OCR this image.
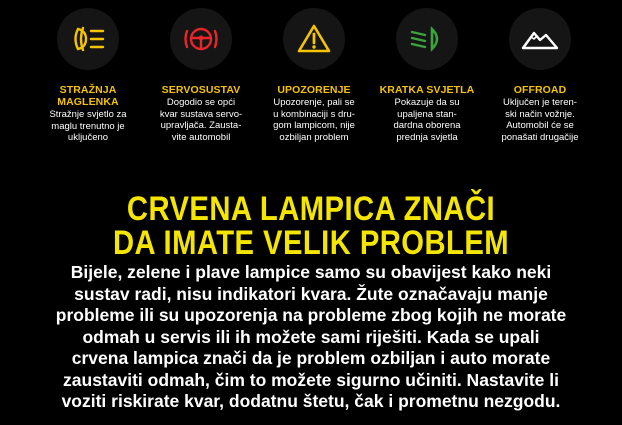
STRAŽNJA
MAGLENKA
Stražnje svjetlo za
maglu trenutno je
uključeno
SERVOSUSTAV
Dogodio se opći
kvar sustava servo-
upravljača. Zausta-
vite automobil
UPOZORENJE
Upozorenje, pali se
u kombinaciji s dru-
gom lampicom, nije
ozbiljan problem
KRATKA SVJETLA
Pokazuje da su
upaljena stan-
dardna oborena
prednja svjetla
OFFROAD
Uključen je teren-
ski način vožnje.
Automobil će se
ponašati drugačije
CRVENA LAMPICA ZNAČI
DA IMATE VELIK PROBLEM
Bijele, zelene i plave lampice samo su obavijest kako neki
sustav radi, nisu indikatori kvara. Žute označavaju manje
probleme ili su upozorenja na probleme zbog kojih ne morate
odmah u servis ili ih možete sami riješiti. Kada se upali
crvena lampica znači da je problem ozbiljan i auto morate
zaustaviti odmah, čim to možete sigurno učiniti. Nastavite li
voziti riskirate kvar, dodatnu štetu, čak i prometnu nezgodu.
